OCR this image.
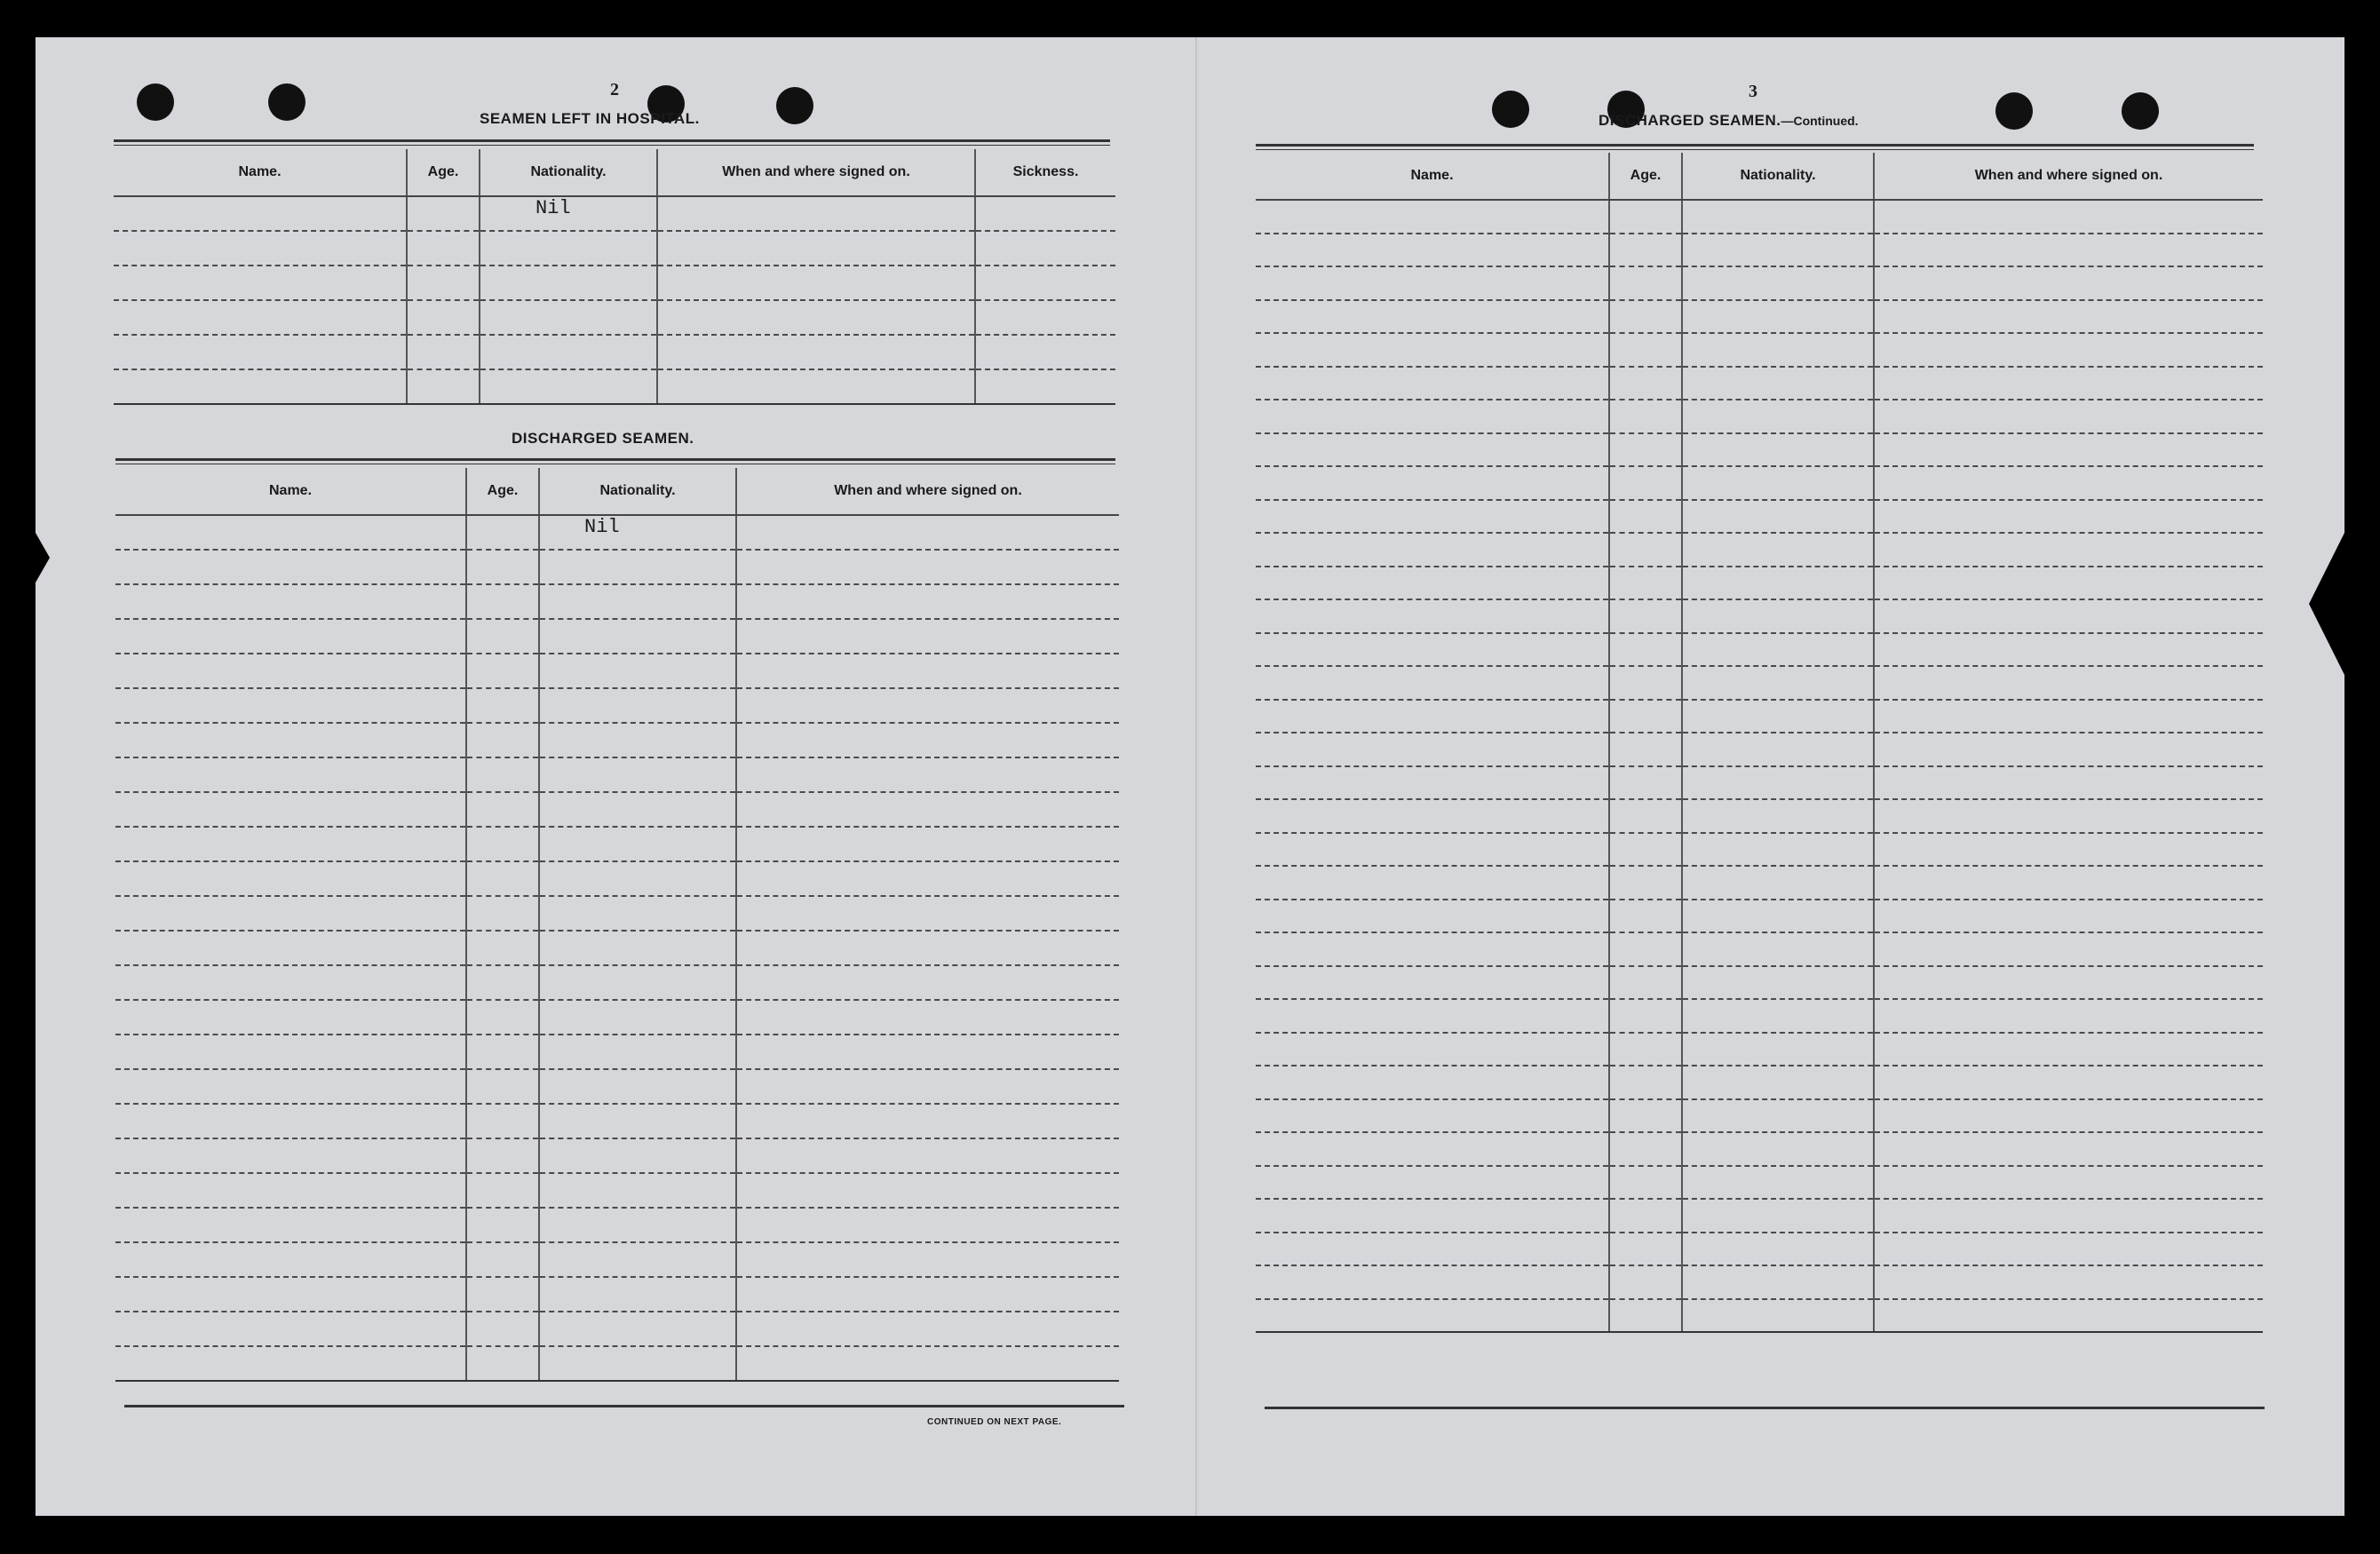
2
SEAMEN LEFT IN HOSPITAL.
Name.	Age.	Nationality.	When and where signed on.	Sickness.
		Nil		

DISCHARGED SEAMEN.
Name.	Age.	Nationality.	When and where signed on.
		Nil	

CONTINUED ON NEXT PAGE.
3
DISCHARGED SEAMEN.—Continued.
Name.	Age.	Nationality.	When and where signed on.
